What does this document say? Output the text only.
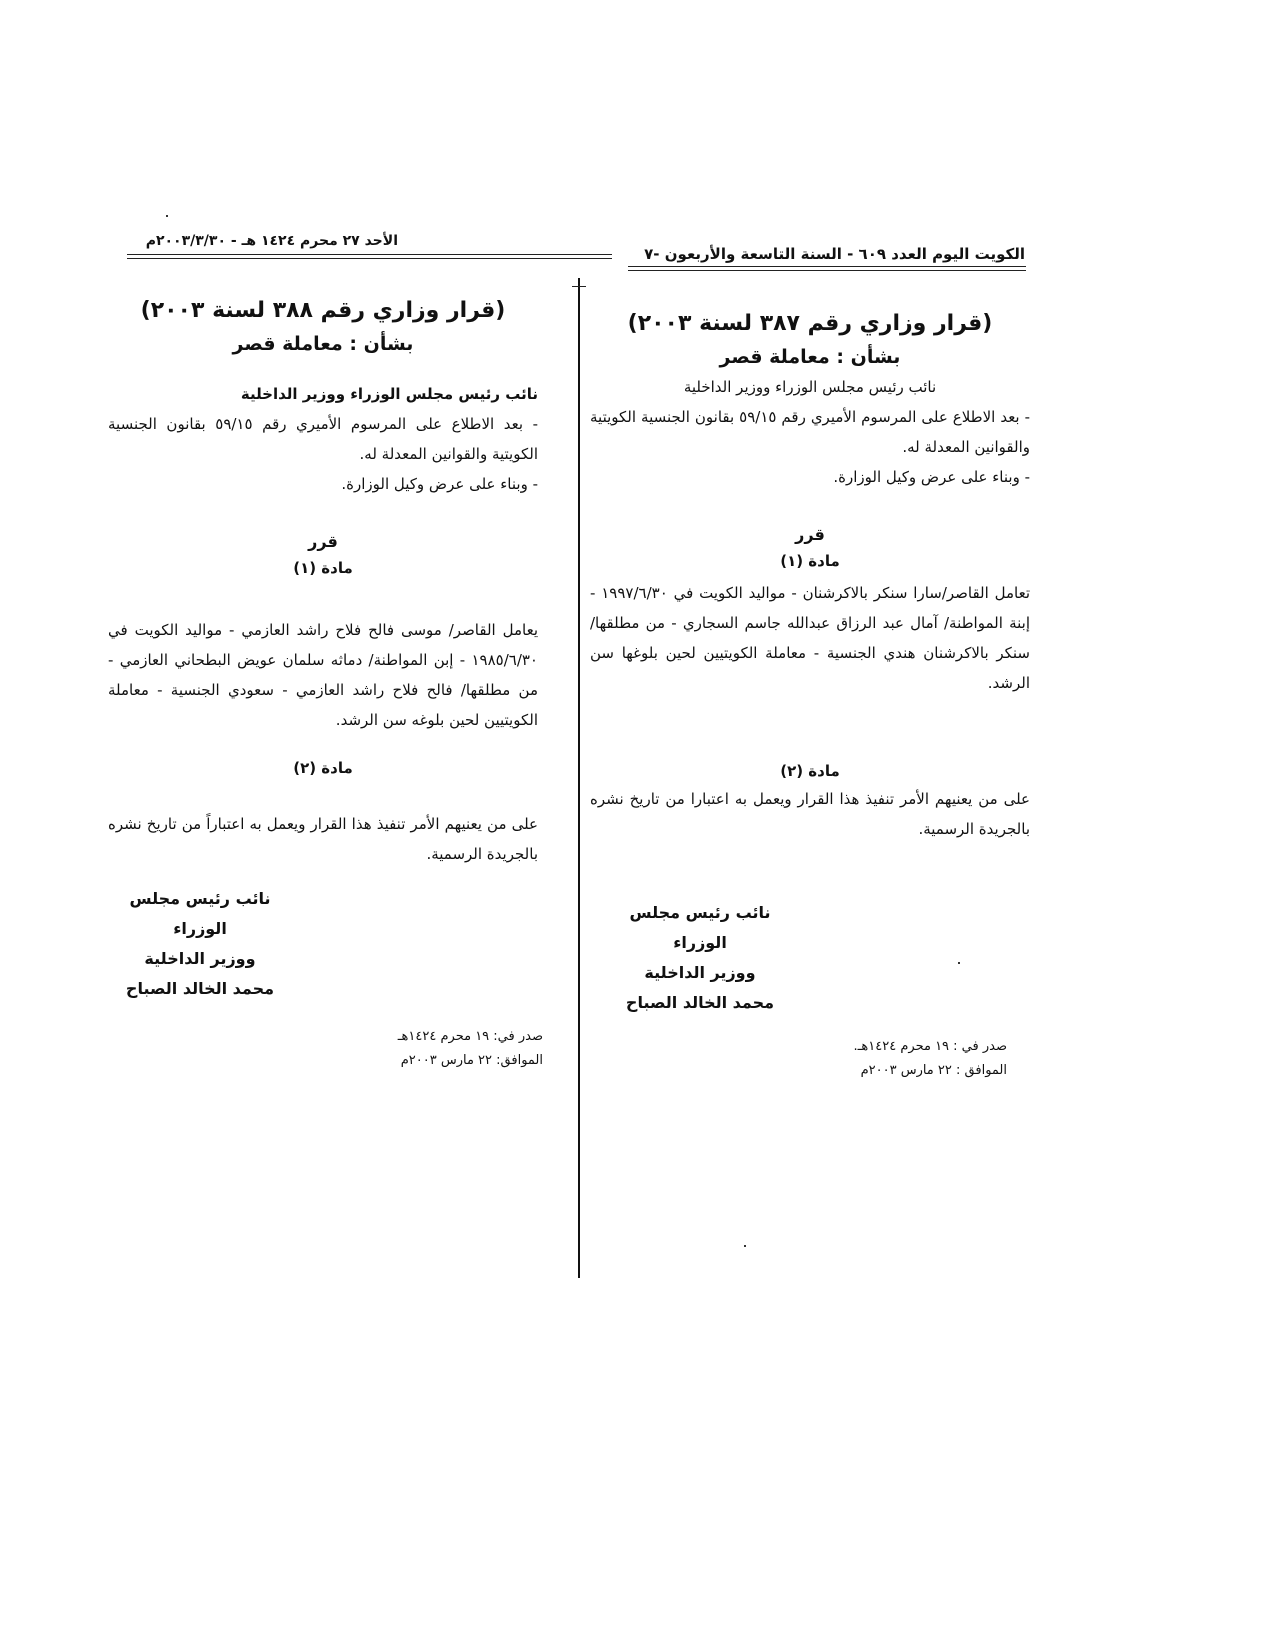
الكويت اليوم العدد ٦٠٩ - السنة التاسعة والأربعون -٧
الأحد ٢٧ محرم ١٤٢٤ هـ - ٢٠٠٣/٣/٣٠م
(قرار وزاري رقم ٣٨٧ لسنة ٢٠٠٣)
بشأن : معاملة قصر

نائب رئيس مجلس الوزراء ووزير الداخلية

- بعد الاطلاع على المرسوم الأميري رقم ٥٩/١٥ بقانون الجنسية الكويتية والقوانين المعدلة له.

- وبناء على عرض وكيل الوزارة.

قرر
مادة (١)

تعامل القاصر/سارا سنكر بالاكرشنان - مواليد الكويت في ١٩٩٧/٦/٣٠ - إبنة المواطنة/ آمال عبد الرزاق عبدالله جاسم السجاري - من مطلقها/ سنكر بالاكرشنان هندي الجنسية - معاملة الكويتيين لحين بلوغها سن الرشد.

مادة (٢)

على من يعنيهم الأمر تنفيذ هذا القرار ويعمل به اعتبارا من تاريخ نشره بالجريدة الرسمية.

نائب رئيس مجلس الوزراء

ووزير الداخلية

محمد الخالد الصباح

صدر في : ١٩ محرم ١٤٢٤هـ.

الموافق : ٢٢ مارس ٢٠٠٣م

(قرار وزاري رقم ٣٨٨ لسنة ٢٠٠٣)
بشأن : معاملة قصر

نائب رئيس مجلس الوزراء ووزير الداخلية

- بعد الاطلاع على المرسوم الأميري رقم ٥٩/١٥ بقانون الجنسية الكويتية والقوانين المعدلة له.

- وبناء على عرض وكيل الوزارة.

قرر
مادة (١)

يعامل القاصر/ موسى فالح فلاح راشد العازمي - مواليد الكويت في ١٩٨٥/٦/٣٠ - إبن المواطنة/ دماثه سلمان عويض البطحاني العازمي - من مطلقها/ فالح فلاح راشد العازمي - سعودي الجنسية - معاملة الكويتيين لحين بلوغه سن الرشد.

مادة (٢)

على من يعنيهم الأمر تنفيذ هذا القرار ويعمل به اعتباراً من تاريخ نشره بالجريدة الرسمية.

نائب رئيس مجلس الوزراء

ووزير الداخلية

محمد الخالد الصباح

صدر في: ١٩ محرم ١٤٢٤هـ

الموافق: ٢٢ مارس ٢٠٠٣م
